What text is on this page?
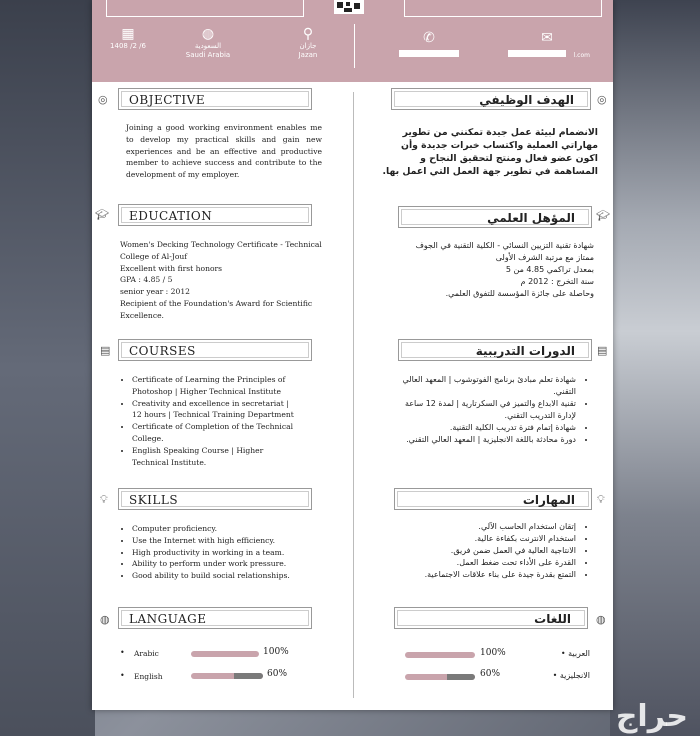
▦
1408 /2 /6
◍
السعودية
Saudi Arabia
⚲
جازان
Jazan
✆	✉
l.com
◎	OBJECTIVE
Joining a good working environment enables me to develop my practical skills and gain new experiences and be an effective and productive member to achieve success and contribute to the development of my employer.
🎓︎	EDUCATION
Women's Decking Technology Certificate - Technical
College of Al-Jouf
Excellent with first honors
GPA : 4.85 / 5
senior year : 2012
Recipient of the Foundation's Award for Scientific
Excellence.
▤	COURSES
• Certificate of Learning the Principles of Photoshop | Higher Technical Institute
• Creativity and excellence in secretariat | 12 hours | Technical Training Department
• Certificate of Completion of the Technical College.
• English Speaking Course | Higher Technical Institute.
💡︎	SKILLS
• Computer proficiency.
• Use the Internet with high efficiency.
• High productivity in working in a team.
• Ability to perform under work pressure.
• Good ability to build social relationships.
◍	LANGUAGE
• Arabic	100%
• English	60%
◎
الهدف الوظيفي
الانضمام لبيئة عمل جيدة تمكنني من تطوير مهاراتي العملية واكتساب خبرات جديدة وأن اكون عضو فعال ومنتج لتحقيق النجاح و المساهمة في تطوير جهة العمل التي اعمل بها.
🎓︎
المؤهل العلمي
شهادة تقنية التزيين النسائي - الكلية التقنية في الجوف
ممتاز مع مرتبة الشرف الأولى
بمعدل تراكمي 4.85 من 5
سنة التخرج : 2012 م
وحاصلة على جائزة المؤسسة للتفوق العلمي.
▤
الدورات التدريبية
• شهادة تعلم مبادئ برنامج الفوتوشوب | المعهد العالي التقني.
• تقنية الابداع والتميز في السكرتارية | لمدة 12 ساعة لإدارة التدريب التقني.
• شهادة إتمام فترة تدريب الكلية التقنية.
• دورة محادثة باللغة الانجليزية | المعهد العالي التقني.
💡︎
المهارات
• إتقان استخدام الحاسب الآلي.
• استخدام الانترنت بكفاءة عالية.
• الانتاجية العالية في العمل ضمن فريق.
• القدرة على الأداء تحت ضغط العمل.
• التمتع بقدرة جيدة على بناء علاقات الاجتماعية.
◍
اللغات
100%	العربية •
60%	الانجليزية •
حراج
